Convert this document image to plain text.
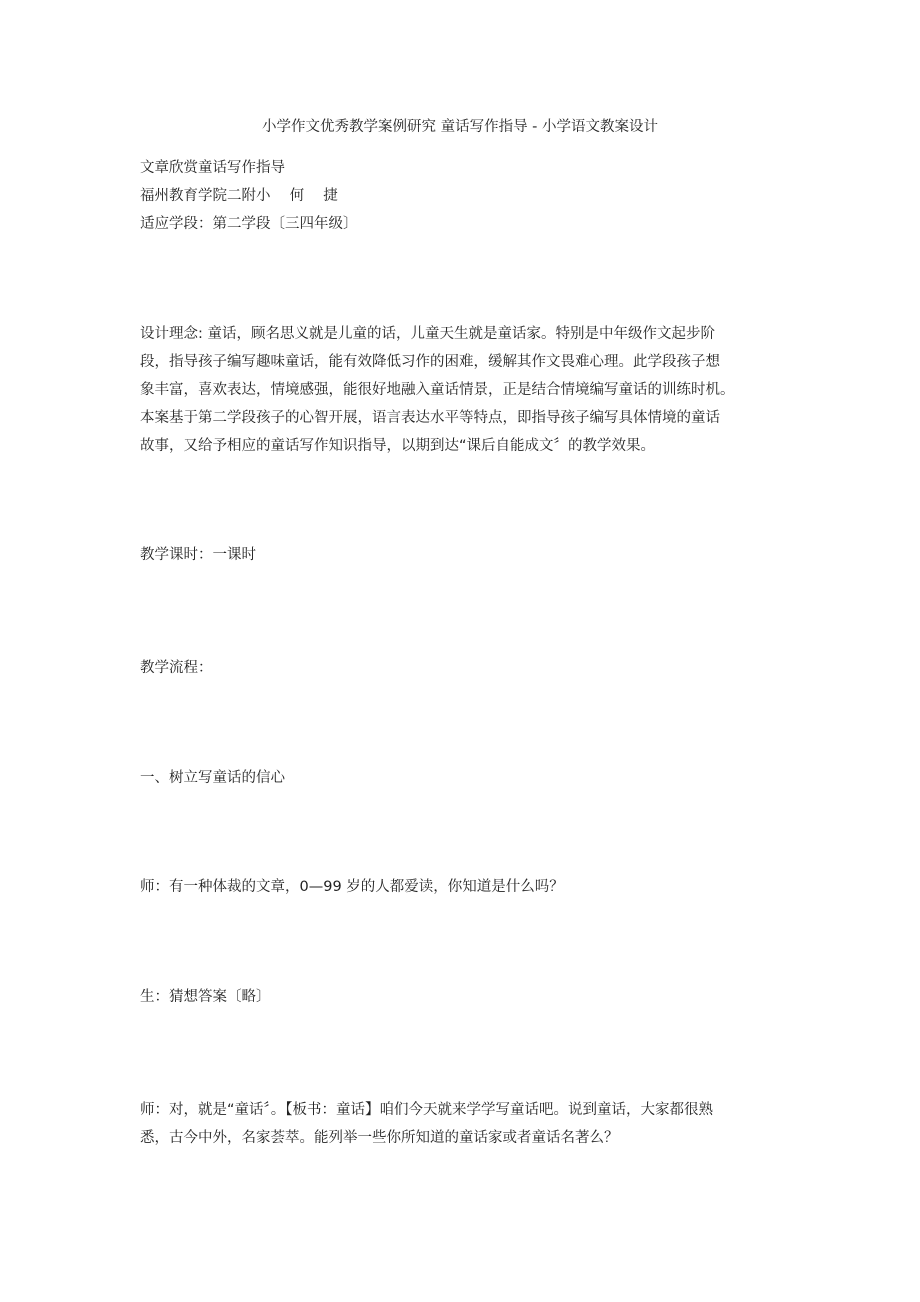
小学作文优秀教学案例研究 童话写作指导 - 小学语文教案设计
文章欣赏童话写作指导
福州教育学院二附小　 何　 捷
适应学段：第二学段〔三四年级〕
设计理念: 童话，顾名思义就是儿童的话，儿童天生就是童话家。特别是中年级作文起步阶
段，指导孩子编写趣味童话，能有效降低习作的困难，缓解其作文畏难心理。此学段孩子想
象丰富，喜欢表达，情境感强，能很好地融入童话情景，正是结合情境编写童话的训练时机。
本案基于第二学段孩子的心智开展，语言表达水平等特点，即指导孩子编写具体情境的童话
故事，又给予相应的童话写作知识指导，以期到达“课后自能成文〞的教学效果。
教学课时：一课时
教学流程：
一、树立写童话的信心
师：有一种体裁的文章，0—99 岁的人都爱读，你知道是什么吗？
生：猜想答案〔略〕
师：对，就是“童话〞。【板书：童话】咱们今天就来学学写童话吧。说到童话，大家都很熟
悉，古今中外，名家荟萃。能列举一些你所知道的童话家或者童话名著么？
